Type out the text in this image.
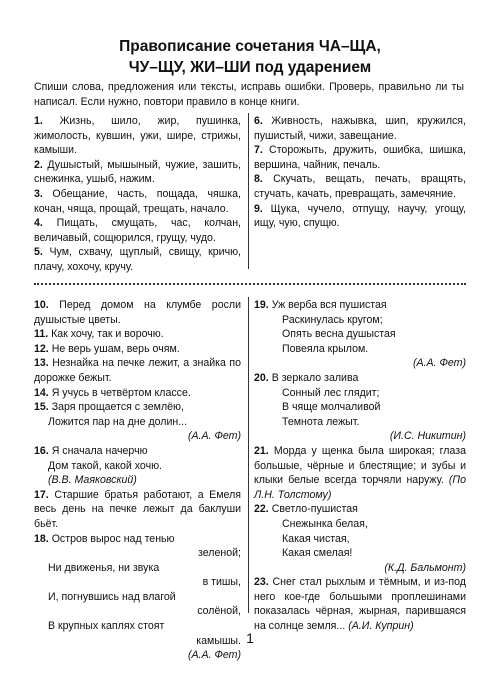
Правописание сочетания ЧА–ЩА,
ЧУ–ЩУ, ЖИ–ШИ под ударением
Спиши слова, предложения или тексты, исправь ошибки. Проверь, правильно ли ты написал. Если нужно, повтори правило в конце книги.

1. Жизнь, шило, жир, пушинка, жимолость, кувшин, ужи, шире, стрижы, камыши.

2. Душыстый, мышыный, чужие, зашить, снежинка, ушыб, нажим.

3. Обещание, часть, пощада, чяшка, кочан, чяща, прощай, трещать, начало.

4. Пищать, смущать, час, колчан, величавый, сощюрился, грущу, чудо.

5. Чум, схвачу, щуплый, свищу, кричю, плачу, хохочу, кручу.

6. Живность, нажывка, шип, кружился, пушистый, чижи, завещание.

7. Сторожыть, дружить, ошибка, шишка, вершина, чайник, печаль.

8. Скучать, вещать, печать, вращять, стучать, качать, превращать, замечяние.

9. Щука, чучело, отпущу, научу, угощу, ищу, чую, спущю.

10. Перед домом на клумбе росли душыстые цветы.

11. Как хочу, так и ворочю.

12. Не верь ушам, верь очям.

13. Незнайка на печке лежит, а знайка по дорожке бежыт.

14. Я учусь в четвёртом классе.

15. Заря прощается с землёю,
Ложится пар на дне долин...
(А.А. Фет)
16. Я сначала начерчю
Дом такой, какой хочю.
(В.В. Маяковский)

17. Старшие братья работают, а Емеля весь день на печке лежыт да баклуши бьёт.

18. Остров вырос над тенью
зеленой;
Ни движенья, ни звука
в тишы,
И, погнувшись над влагой
солёной,
В крупных каплях стоят
камышы.
(А.А. Фет)
19. Уж верба вся пушистая
Раскинулась кругом;
Опять весна душыстая
Повеяла крылом.
(А.А. Фет)
20. В зеркало залива
Сонный лес глядит;
В чяще молчаливой
Темнота лежыт.
(И.С. Никитин)

21. Морда у щенка была широкая; глаза большые, чёрные и блестящие; и зубы и клыки белые всегда торчяли наружу. (По Л.Н. Толстому)

22. Светло-пушистая
Снежынка белая,
Какая чистая,
Какая смелая!
(К.Д. Бальмонт)

23. Снег стал рыхлым и тёмным, и из-под него кое-где большыми проплешинами показалась чёрная, жырная, парившаяся на солнце земля... (А.И. Куприн)

1
